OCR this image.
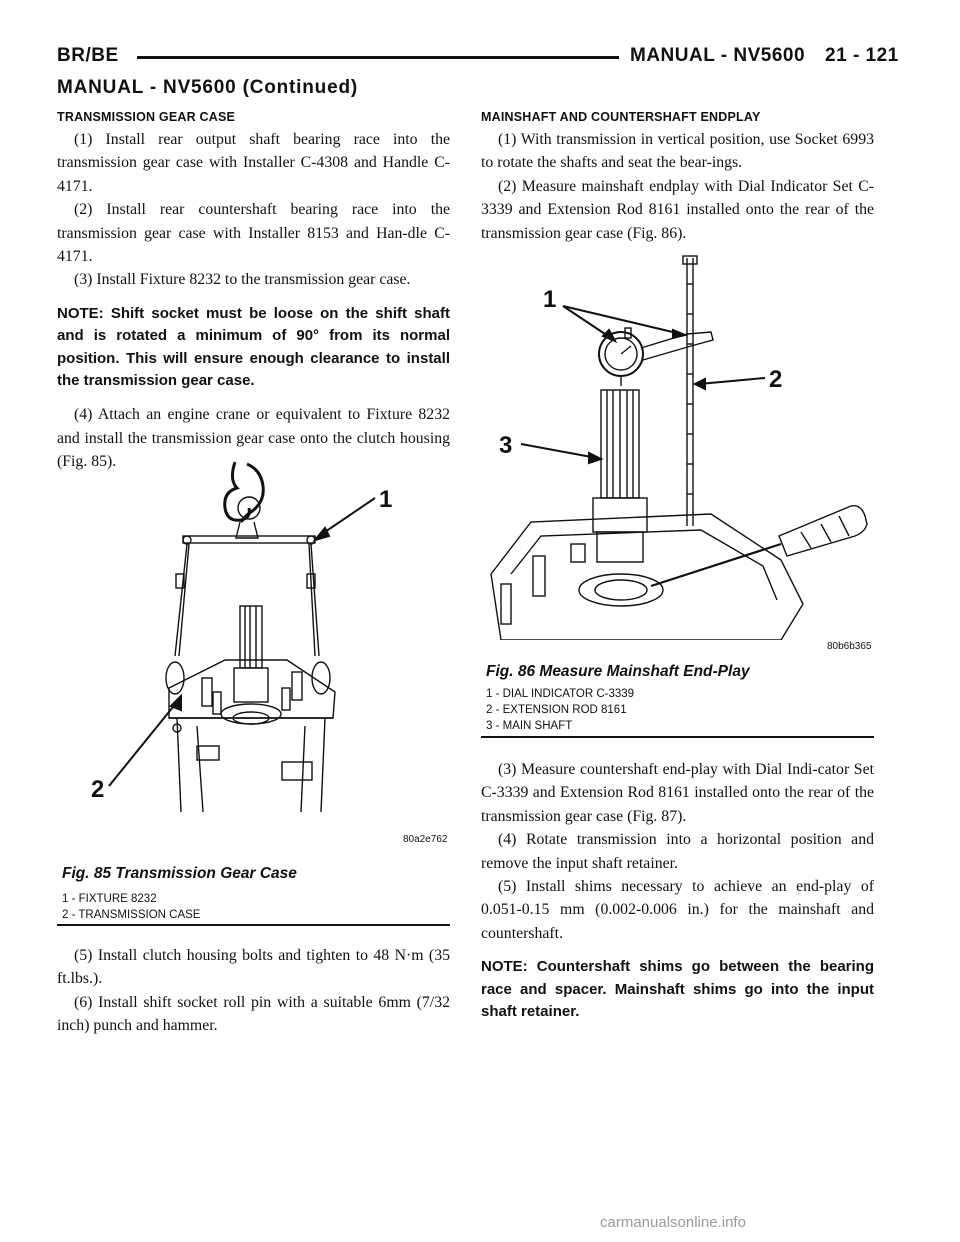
BR/BE	MANUAL - NV5600 21 - 121
MANUAL - NV5600 (Continued)
TRANSMISSION GEAR CASE

(1) Install rear output shaft bearing race into the transmission gear case with Installer C-4308 and Handle C-4171.

(2) Install rear countershaft bearing race into the transmission gear case with Installer 8153 and Han-dle C-4171.

(3) Install Fixture 8232 to the transmission gear case.

NOTE: Shift socket must be loose on the shift shaft and is rotated a minimum of 90° from its normal position. This will ensure enough clearance to install the transmission gear case.

(4) Attach an engine crane or equivalent to Fixture 8232 and install the transmission gear case onto the clutch housing (Fig. 85).

1
2
80a2e762
Fig. 85 Transmission Gear Case
1 - FIXTURE 8232
2 - TRANSMISSION CASE

(5) Install clutch housing bolts and tighten to 48 N·m (35 ft.lbs.).

(6) Install shift socket roll pin with a suitable 6mm (7/32 inch) punch and hammer.

MAINSHAFT AND COUNTERSHAFT ENDPLAY

(1) With transmission in vertical position, use Socket 6993 to rotate the shafts and seat the bear-ings.

(2) Measure mainshaft endplay with Dial Indicator Set C-3339 and Extension Rod 8161 installed onto the rear of the transmission gear case (Fig. 86).

1
2
3
80b6b365
Fig. 86 Measure Mainshaft End-Play
1 - DIAL INDICATOR C-3339
2 - EXTENSION ROD 8161
3 - MAIN SHAFT

(3) Measure countershaft end-play with Dial Indi-cator Set C-3339 and Extension Rod 8161 installed onto the rear of the transmission gear case (Fig. 87).

(4) Rotate transmission into a horizontal position and remove the input shaft retainer.

(5) Install shims necessary to achieve an end-play of 0.051-0.15 mm (0.002-0.006 in.) for the mainshaft and countershaft.

NOTE: Countershaft shims go between the bearing race and spacer. Mainshaft shims go into the input shaft retainer.

carmanualsonline.info
